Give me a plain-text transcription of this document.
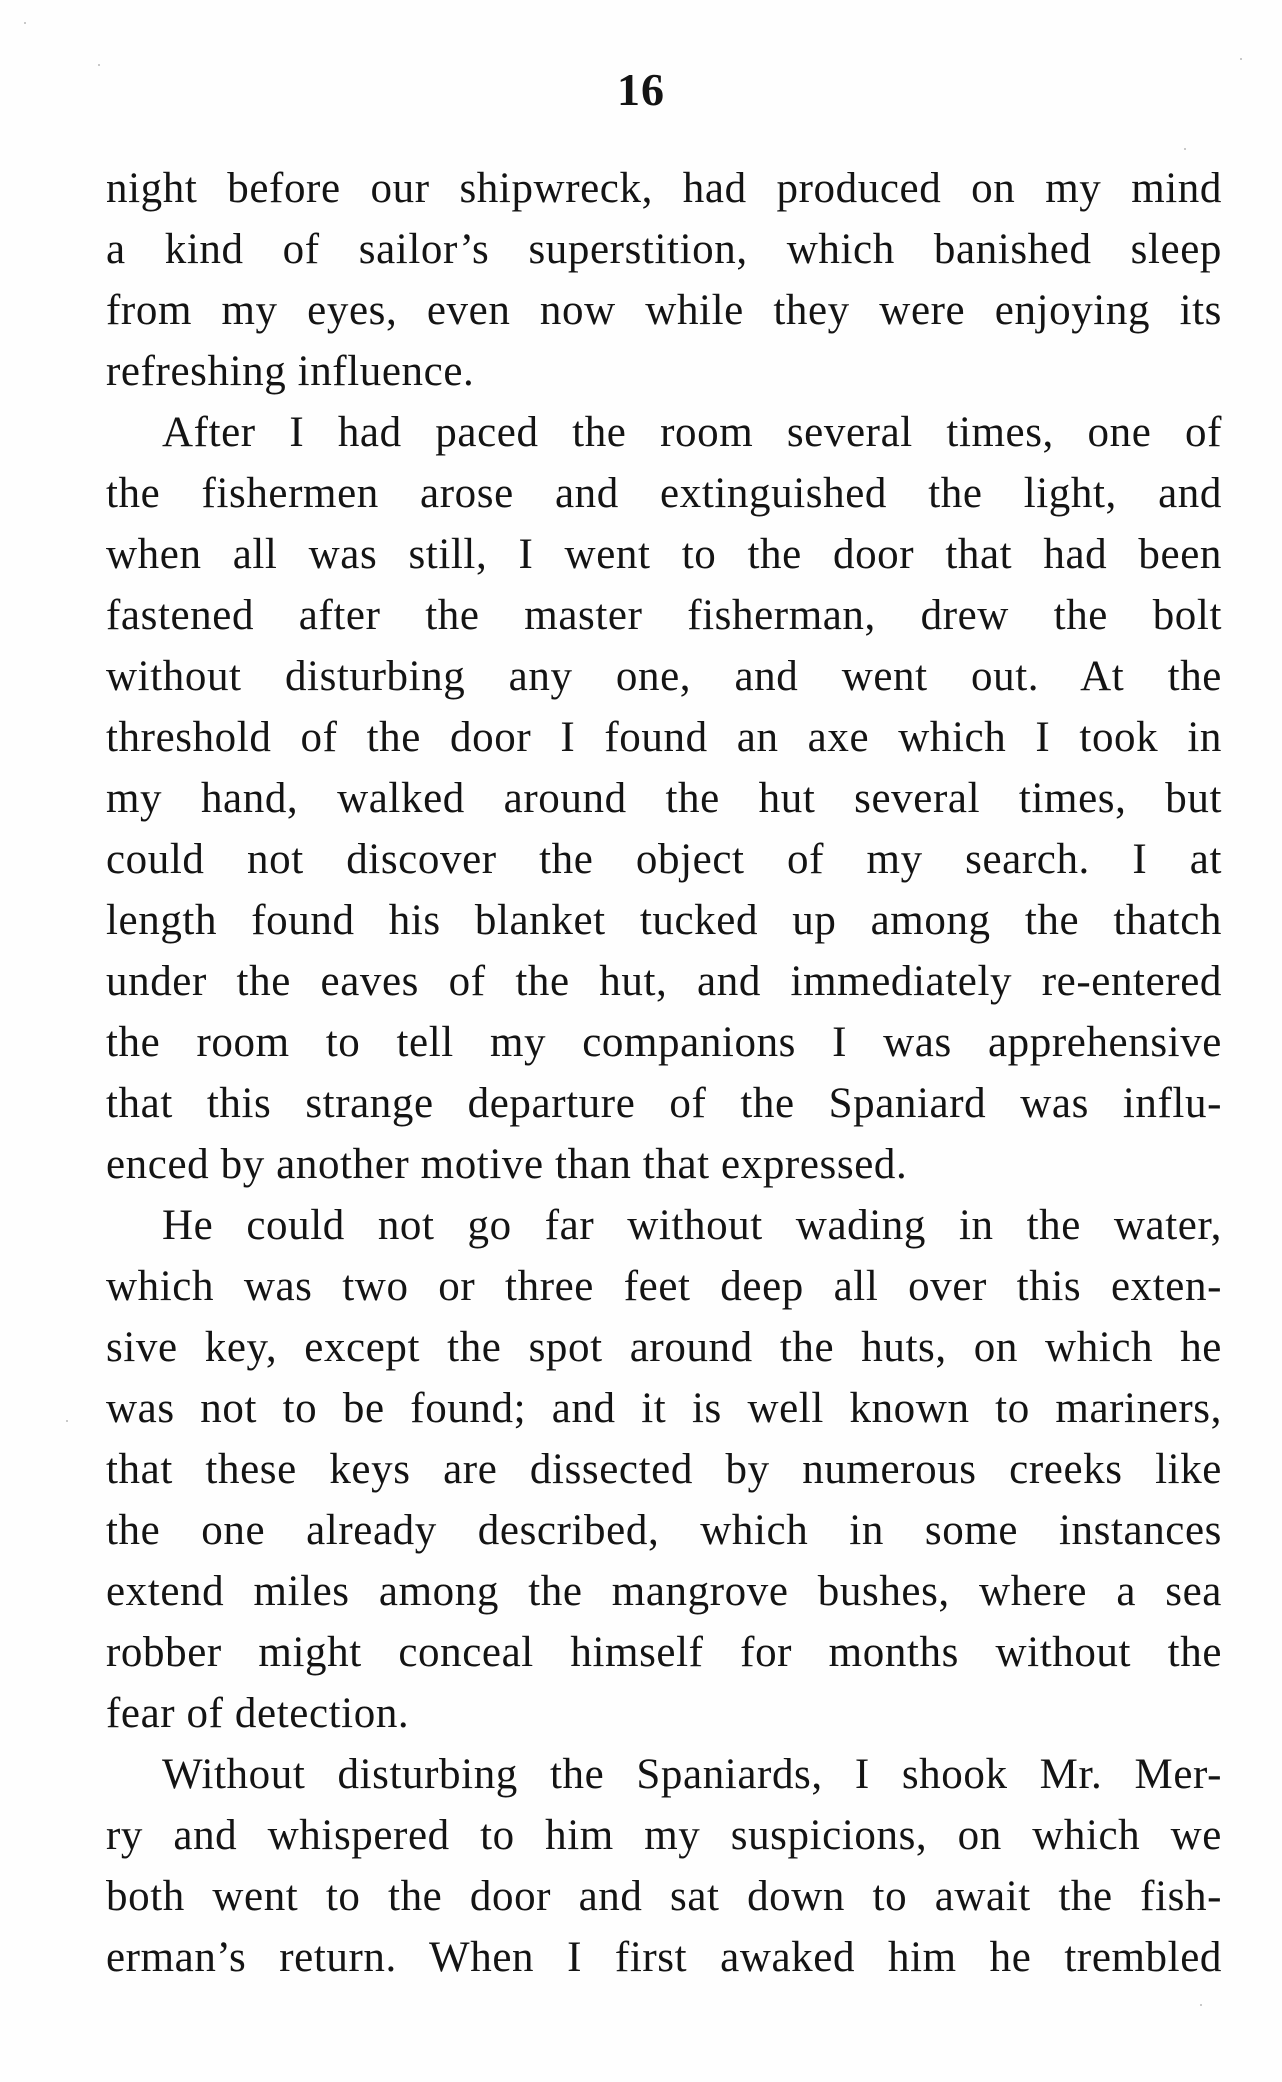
16
night before our shipwreck, had produced on my mind
a kind of sailor’s superstition, which banished sleep
from my eyes, even now while they were enjoying its
refreshing influence.
After I had paced the room several times, one of
the fishermen arose and extinguished the light, and
when all was still, I went to the door that had been
fastened after the master fisherman, drew the bolt
without disturbing any one, and went out. At the
threshold of the door I found an axe which I took in
my hand, walked around the hut several times, but
could not discover the object of my search. I at
length found his blanket tucked up among the thatch
under the eaves of the hut, and immediately re-entered
the room to tell my companions I was apprehensive
that this strange departure of the Spaniard was influ-
enced by another motive than that expressed.
He could not go far without wading in the water,
which was two or three feet deep all over this exten-
sive key, except the spot around the huts, on which he
was not to be found; and it is well known to mariners,
that these keys are dissected by numerous creeks like
the one already described, which in some instances
extend miles among the mangrove bushes, where a sea
robber might conceal himself for months without the
fear of detection.
Without disturbing the Spaniards, I shook Mr. Mer-
ry and whispered to him my suspicions, on which we
both went to the door and sat down to await the fish-
erman’s return. When I first awaked him he trembled
